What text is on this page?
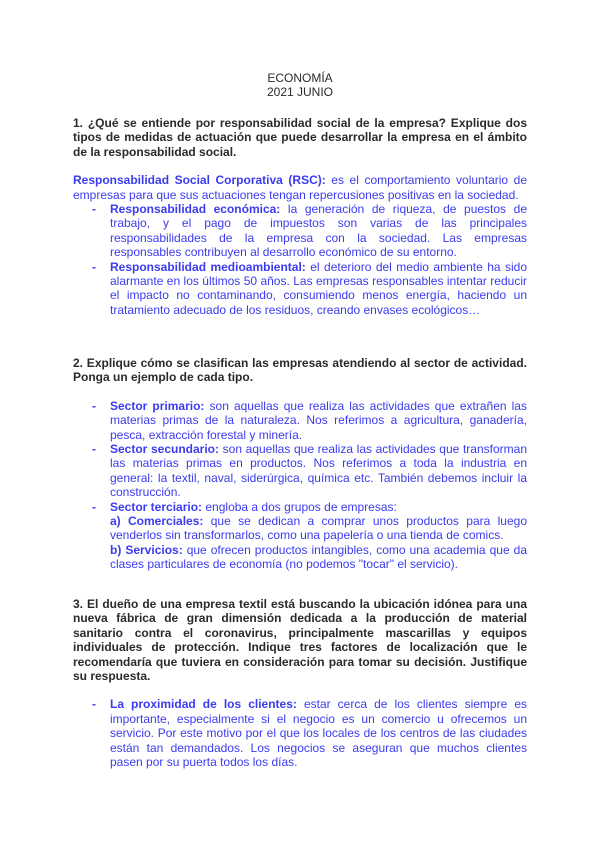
ECONOMÍA
2021 JUNIO
1. ¿Qué se entiende por responsabilidad social de la empresa? Explique dos tipos de medidas de actuación que puede desarrollar la empresa en el ámbito de la responsabilidad social.
Responsabilidad Social Corporativa (RSC): es el comportamiento voluntario de empresas para que sus actuaciones tengan repercusiones positivas en la sociedad.
- Responsabilidad económica: la generación de riqueza, de puestos de trabajo, y el pago de impuestos son varias de las principales responsabilidades de la empresa con la sociedad. Las empresas responsables contribuyen al desarrollo económico de su entorno.
- Responsabilidad medioambiental: el deterioro del medio ambiente ha sido alarmante en los últimos 50 años. Las empresas responsables intentar reducir el impacto no contaminando, consumiendo menos energía, haciendo un tratamiento adecuado de los residuos, creando envases ecológicos…
2. Explique cómo se clasifican las empresas atendiendo al sector de actividad. Ponga un ejemplo de cada tipo.
- Sector primario: son aquellas que realiza las actividades que extrañen las materias primas de la naturaleza. Nos referimos a agricultura, ganadería, pesca, extracción forestal y minería.
- Sector secundario: son aquellas que realiza las actividades que transforman las materias primas en productos. Nos referimos a toda la industria en general: la textil, naval, siderúrgica, química etc. También debemos incluir la construcción.
- Sector terciario: engloba a dos grupos de empresas:
a) Comerciales: que se dedican a comprar unos productos para luego venderlos sin transformarlos, como una papelería o una tienda de comics.
b) Servicios: que ofrecen productos intangibles, como una academia que da clases particulares de economía (no podemos "tocar" el servicio).
3. El dueño de una empresa textil está buscando la ubicación idónea para una nueva fábrica de gran dimensión dedicada a la producción de material sanitario contra el coronavirus, principalmente mascarillas y equipos individuales de protección. Indique tres factores de localización que le recomendaría que tuviera en consideración para tomar su decisión. Justifique su respuesta.
- La proximidad de los clientes: estar cerca de los clientes siempre es importante, especialmente si el negocio es un comercio u ofrecemos un servicio. Por este motivo por el que los locales de los centros de las ciudades están tan demandados. Los negocios se aseguran que muchos clientes pasen por su puerta todos los días.
